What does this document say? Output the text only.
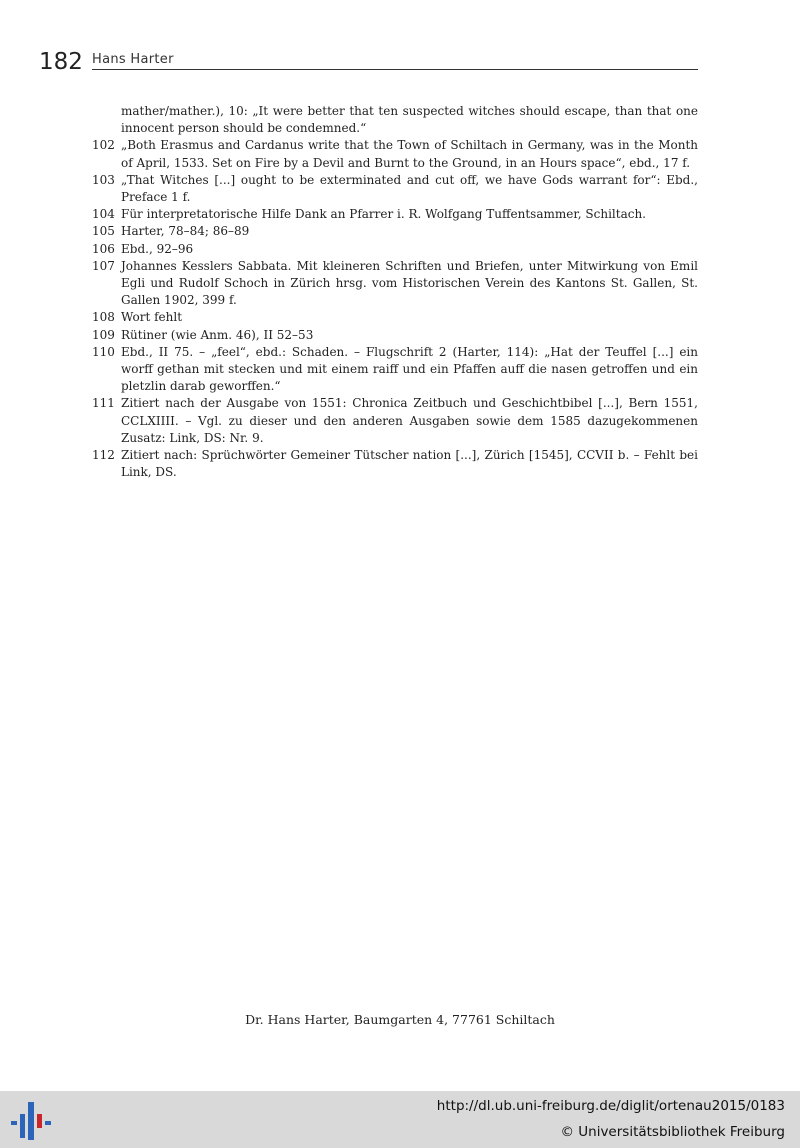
182 Hans Harter
mather/mather.), 10: „It were better that ten suspected witches should escape, than that one innocent person should be condemned.“
102 „Both Erasmus and Cardanus write that the Town of Schiltach in Germany, was in the Month of April, 1533. Set on Fire by a Devil and Burnt to the Ground, in an Hours space“, ebd., 17 f.
103 „That Witches [...] ought to be exterminated and cut off, we have Gods warrant for“: Ebd., Preface 1 f.
104 Für interpretatorische Hilfe Dank an Pfarrer i. R. Wolfgang Tuffentsammer, Schiltach.
105 Harter, 78–84; 86–89
106 Ebd., 92–96
107 Johannes Kesslers Sabbata. Mit kleineren Schriften und Briefen, unter Mitwirkung von Emil Egli und Rudolf Schoch in Zürich hrsg. vom Historischen Verein des Kantons St. Gallen, St. Gallen 1902, 399 f.
108 Wort fehlt
109 Rütiner (wie Anm. 46), II 52–53
110 Ebd., II 75. – „feel“, ebd.: Schaden. – Flugschrift 2 (Harter, 114): „Hat der Teuffel [...] ein worff gethan mit stecken und mit einem raiff und ein Pfaffen auff die nasen getroffen und ein pletzlin darab geworffen.“
111 Zitiert nach der Ausgabe von 1551: Chronica Zeitbuch und Geschichtbibel [...], Bern 1551, CCLXIIII. – Vgl. zu dieser und den anderen Ausgaben sowie dem 1585 dazugekommenen Zusatz: Link, DS: Nr. 9.
112 Zitiert nach: Sprüchwörter Gemeiner Tütscher nation [...], Zürich [1545], CCVII b. – Fehlt bei Link, DS.
Dr. Hans Harter, Baumgarten 4, 77761 Schiltach
http://dl.ub.uni-freiburg.de/diglit/ortenau2015/0183
© Universitätsbibliothek Freiburg
